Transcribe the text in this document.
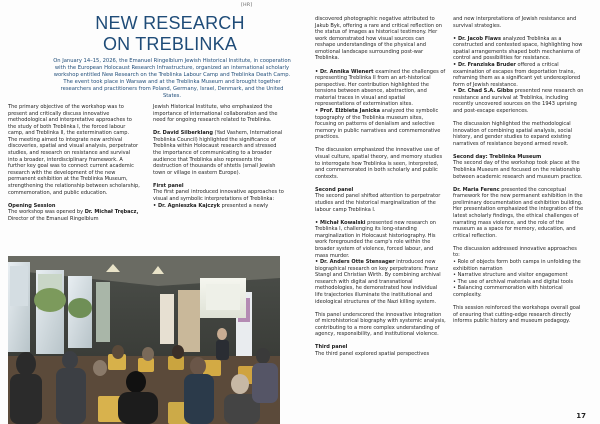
[HR]
NEW RESEARCH
ON TREBLINKA
On January 14–15, 2026, the Emanuel Ringelblum Jewish Historical Institute, in cooperation with the European Holocaust Research Infrastructure, organized an international scholarly workshop entitled New Research on the Treblinka Labour Camp and Treblinka Death Camp. The event took place in Warsaw and at the Treblinka Museum and brought together researchers and practitioners from Poland, Germany, Israel, Denmark, and the United States.

The primary objective of the workshop was to present and critically discuss innovative methodological and interpretative approaches to the study of both Treblinka I, the forced labour camp, and Treblinka II, the extermination camp. The meeting aimed to integrate new archival discoveries, spatial and visual analysis, perpetrator studies, and research on resistance and survival into a broader, interdisciplinary framework. A further key goal was to connect current academic research with the development of the new permanent exhibition at the Treblinka Museum, strengthening the relationship between scholarship, commemoration, and public education.

Opening Session

The workshop was opened by Dr. Michał Trębacz, Director of the Emanuel Ringelblum

Jewish Historical Institute, who emphasized the importance of international collaboration and the need for ongoing research related to Treblinka.

Dr. David Silberklang (Yad Vashem, International Treblinka Council) highlighted the significance of Treblinka within Holocaust research and stressed the importance of communicating to a broader audience that Treblinka also represents the destruction of thousands of shtetls (small Jewish town or village in eastern Europe).

First panel
The first panel introduced innovative approaches to visual and symbolic interpretations of Treblinka:
• Dr. Agnieszka Kajczyk presented a newly

discovered photographic negative attributed to Jakub Byk, offering a rare and critical reflection on the status of images as historical testimony. Her work demonstrated how visual sources can reshape understandings of the physical and emotional landscape surrounding post-war Treblinka.

• Dr. Annika Wienert examined the challenges of representing Treblinka II from an art-historical perspective. Her contribution highlighted the tensions between absence, abstraction, and material traces in visual and spatial representations of extermination sites.

• Prof. Elżbieta Janicka analyzed the symbolic topography of the Treblinka museum sites, focusing on patterns of denialism and selective memory in public narratives and commemorative practices.

The discussion emphasized the innovative use of visual culture, spatial theory, and memory studies to interrogate how Treblinka is seen, interpreted, and commemorated in both scholarly and public contexts.

Second panel

The second panel shifted attention to perpetrator studies and the historical marginalization of the labour camp Treblinka I.

• Michał Kowalski presented new research on Treblinka I, challenging its long-standing marginalization in Holocaust historiography. His work foregrounded the camp's role within the broader system of violence, forced labour, and mass murder.

• Dr. Anders Otte Stensager introduced new biographical research on key perpetrators: Franz Stangl and Christian Wirth. By combining archival research with digital and transnational methodologies, he demonstrated how individual life trajectories illuminate the institutional and ideological structures of the Nazi killing system.

This panel underscored the innovative integration of microhistorical biography with systemic analysis, contributing to a more complex understanding of agency, responsibility, and institutional violence.

Third panel
The third panel explored spatial perspectives

and new interpretations of Jewish resistance and survival strategies.

• Dr. Jacob Flaws analyzed Treblinka as a constructed and contested space, highlighting how spatial arrangements shaped both mechanisms of control and possibilities for resistance.
• Dr. Franziska Bruder offered a critical examination of escapes from deportation trains, reframing them as a significant yet underexplored form of Jewish resistance.

• Dr. Chad S.A. Gibbs presented new research on resistance and survival at Treblinka, including recently uncovered sources on the 1943 uprising and post-escape experiences.

The discussion highlighted the methodological innovation of combining spatial analysis, social history, and gender studies to expand existing narratives of resistance beyond armed revolt.

Second day: Treblinka Museum

The second day of the workshop took place at the Treblinka Museum and focused on the relationship between academic research and museum practice.

Dr. Maria Ferenc presented the conceptual framework for the new permanent exhibition in the preliminary documentation and exhibition building. Her presentation emphasized the integration of the latest scholarly findings, the ethical challenges of narrating mass violence, and the role of the museum as a space for memory, education, and critical reflection.

The discussion addressed innovative approaches to:
• Role of objects form both camps in unfolding the exhibition narration
• Narrative structure and visitor engagement
• The use of archival materials and digital tools
• Balancing commemoration with historical complexity.

This session reinforced the workshops overall goal of ensuring that cutting-edge research directly informs public history and museum pedagogy.

17
